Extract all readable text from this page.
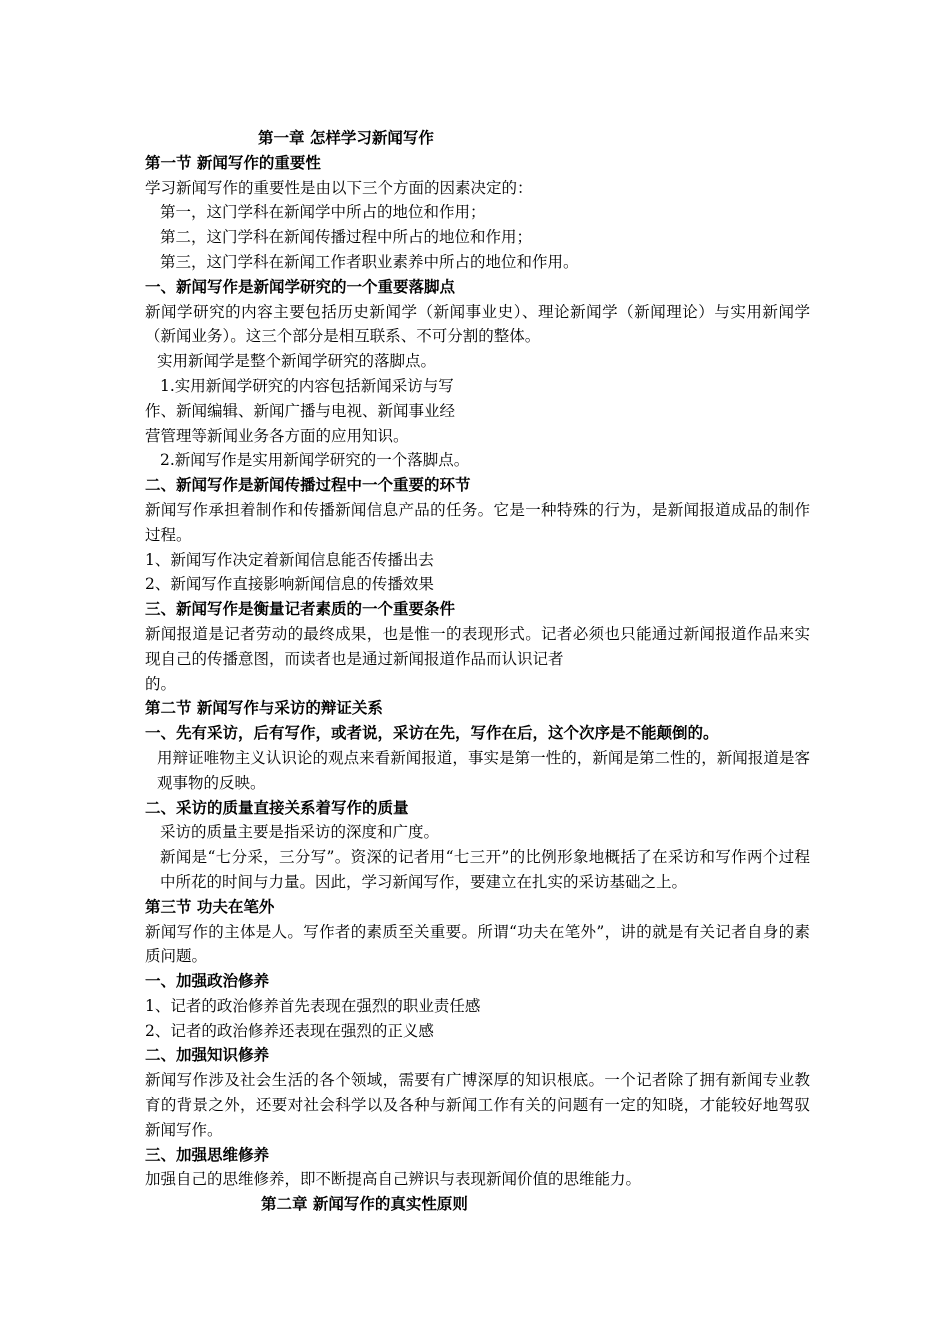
第一章 怎样学习新闻写作

第一节 新闻写作的重要性

学习新闻写作的重要性是由以下三个方面的因素决定的：

第一，这门学科在新闻学中所占的地位和作用；

第二，这门学科在新闻传播过程中所占的地位和作用；

第三，这门学科在新闻工作者职业素养中所占的地位和作用。

一、新闻写作是新闻学研究的一个重要落脚点

新闻学研究的内容主要包括历史新闻学（新闻事业史）、理论新闻学（新闻理论）与实用新闻学（新闻业务）。这三个部分是相互联系、不可分割的整体。

实用新闻学是整个新闻学研究的落脚点。

1.实用新闻学研究的内容包括新闻采访与写

作、新闻编辑、新闻广播与电视、新闻事业经

营管理等新闻业务各方面的应用知识。

2.新闻写作是实用新闻学研究的一个落脚点。

二、新闻写作是新闻传播过程中一个重要的环节

新闻写作承担着制作和传播新闻信息产品的任务。它是一种特殊的行为，是新闻报道成品的制作过程。

1、新闻写作决定着新闻信息能否传播出去

2、新闻写作直接影响新闻信息的传播效果

三、新闻写作是衡量记者素质的一个重要条件

新闻报道是记者劳动的最终成果，也是惟一的表现形式。记者必须也只能通过新闻报道作品来实现自己的传播意图，而读者也是通过新闻报道作品而认识记者

的。

第二节 新闻写作与采访的辩证关系

一、先有采访，后有写作，或者说，采访在先，写作在后，这个次序是不能颠倒的。

用辩证唯物主义认识论的观点来看新闻报道，事实是第一性的，新闻是第二性的，新闻报道是客观事物的反映。

二、采访的质量直接关系着写作的质量

采访的质量主要是指采访的深度和广度。

新闻是“七分采，三分写”。资深的记者用“七三开”的比例形象地概括了在采访和写作两个过程中所花的时间与力量。因此，学习新闻写作，要建立在扎实的采访基础之上。

第三节 功夫在笔外

新闻写作的主体是人。写作者的素质至关重要。所谓“功夫在笔外”，讲的就是有关记者自身的素质问题。

一、加强政治修养

1、记者的政治修养首先表现在强烈的职业责任感

2、记者的政治修养还表现在强烈的正义感

二、加强知识修养

新闻写作涉及社会生活的各个领域，需要有广博深厚的知识根底。一个记者除了拥有新闻专业教育的背景之外，还要对社会科学以及各种与新闻工作有关的问题有一定的知晓，才能较好地驾驭新闻写作。

三、加强思维修养

加强自己的思维修养，即不断提高自己辨识与表现新闻价值的思维能力。

第二章 新闻写作的真实性原则
